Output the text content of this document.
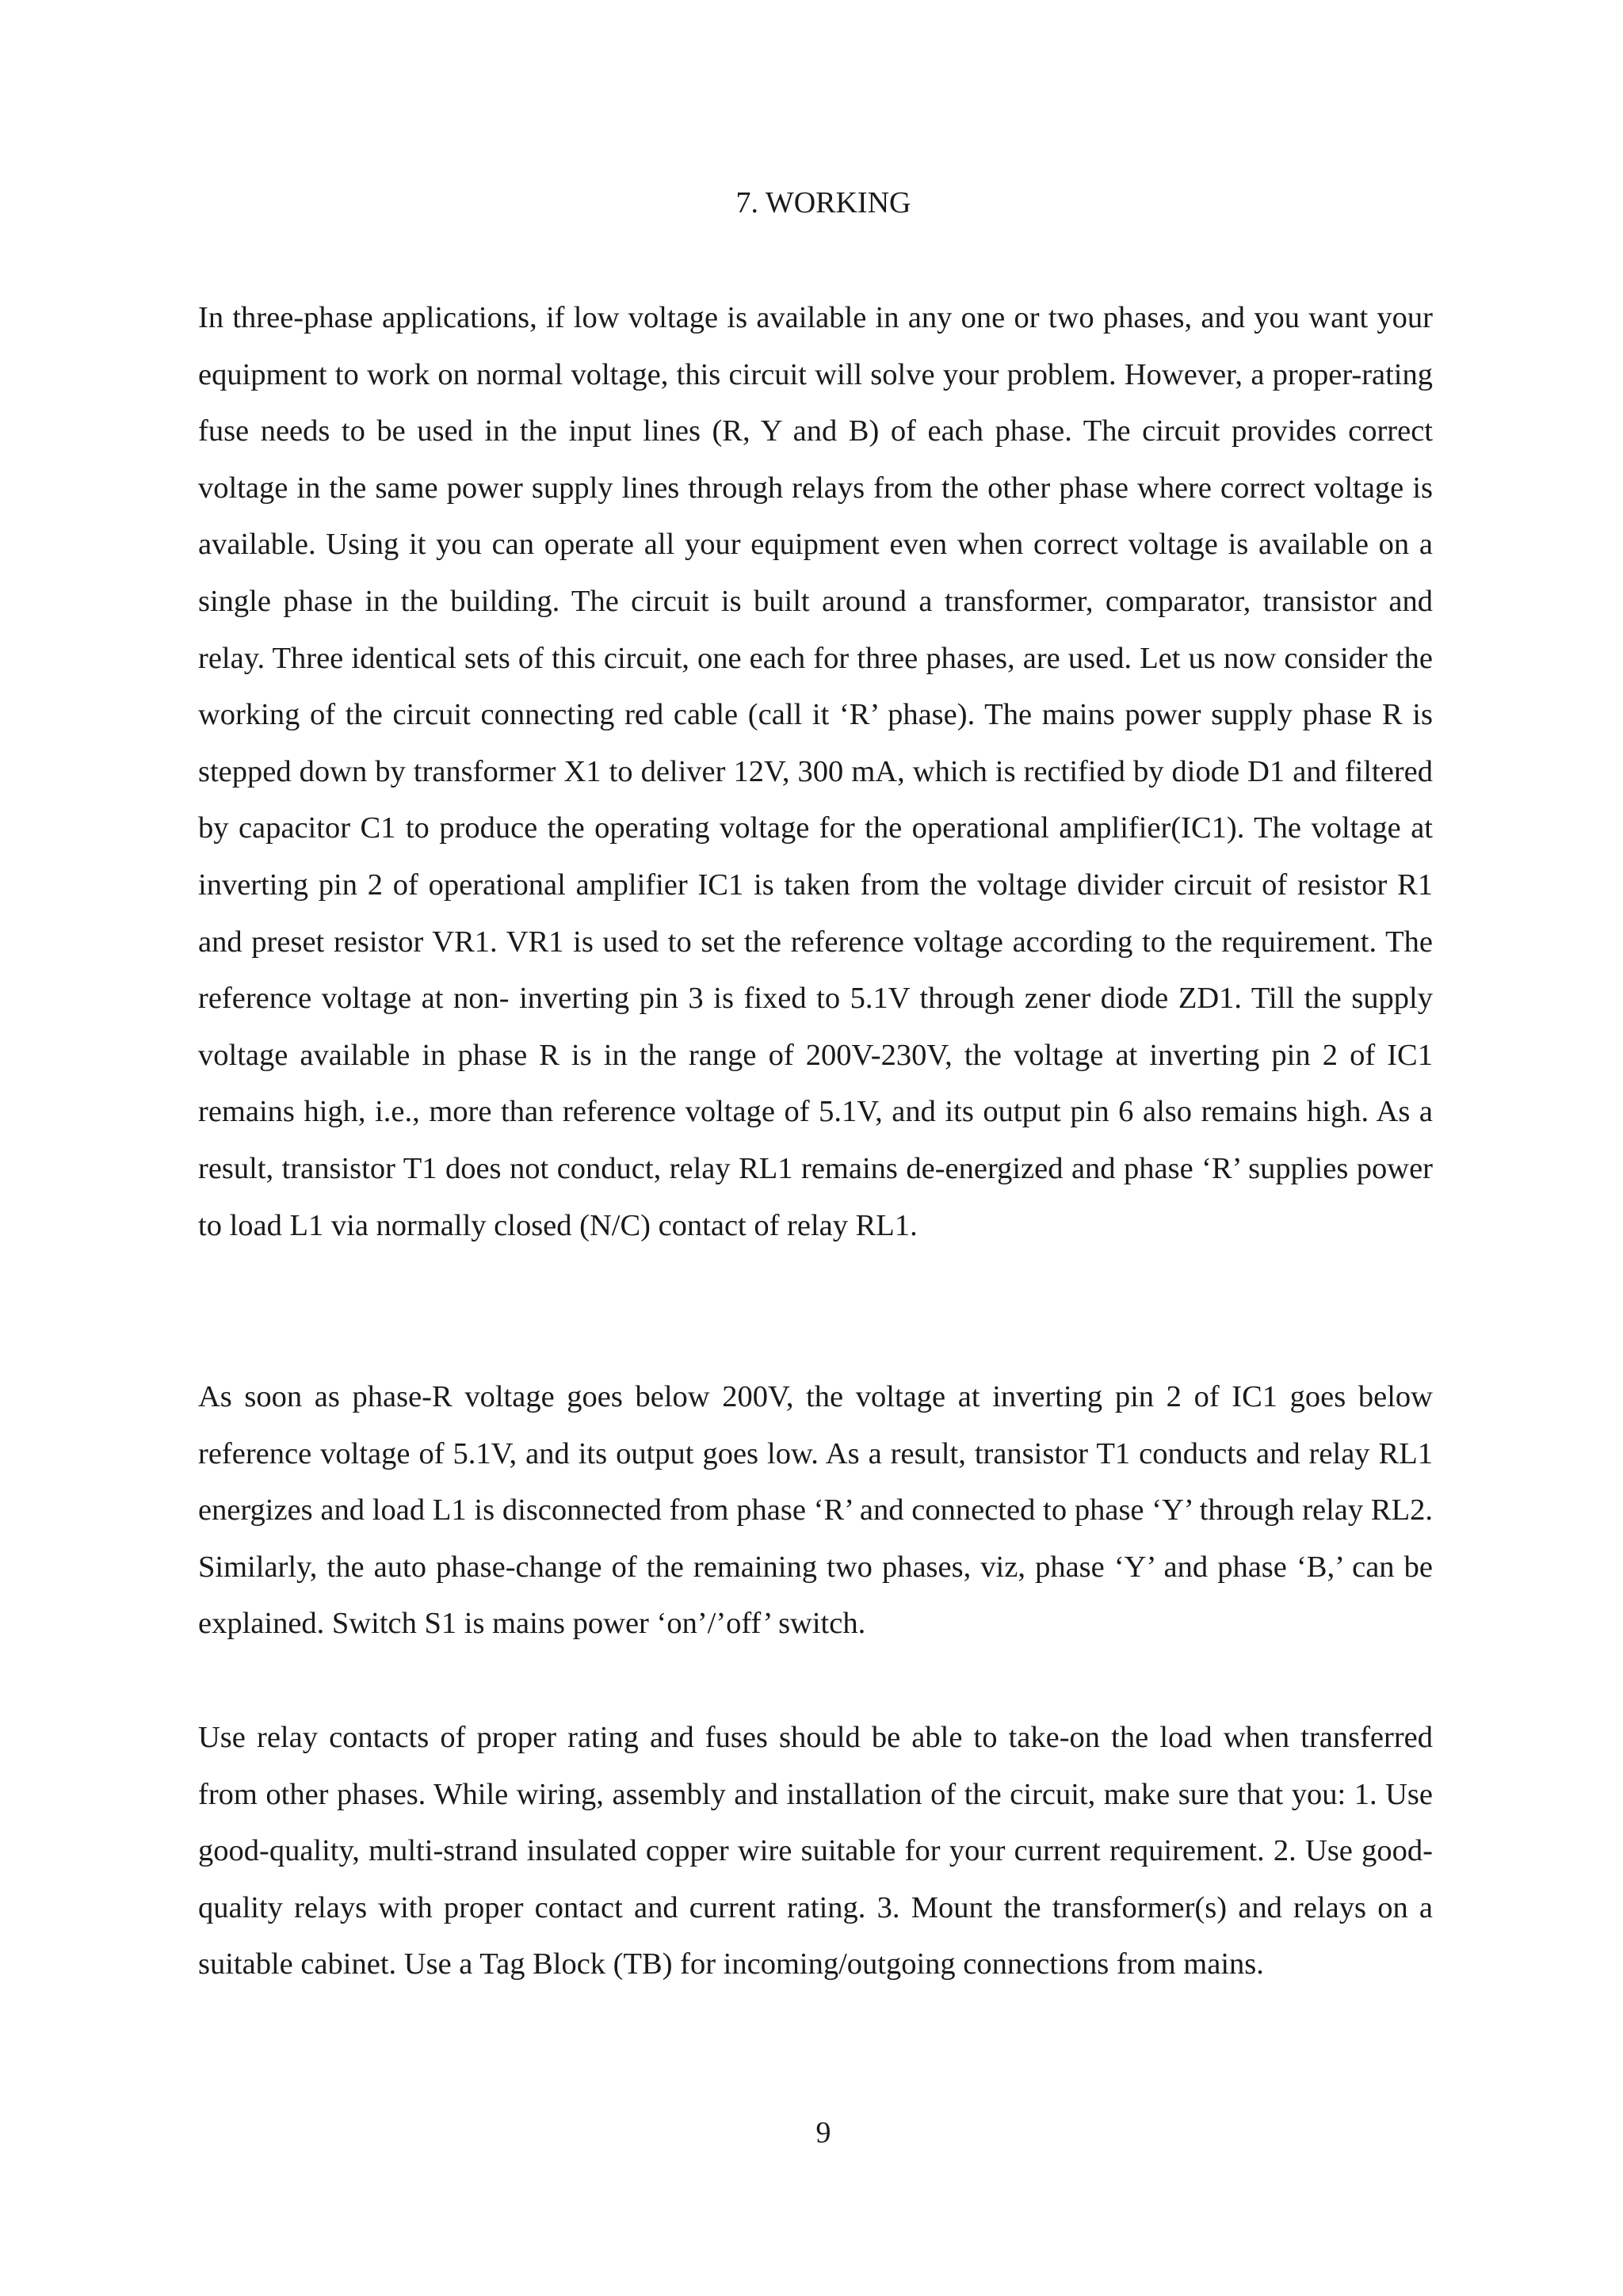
7. WORKING

In three-phase applications, if low voltage is available in any one or two phases, and you want your equipment to work on normal voltage, this circuit will solve your problem. However, a proper-rating fuse needs to be used in the input lines (R, Y and B) of each phase. The circuit provides correct voltage in the same power supply lines through relays from the other phase where correct voltage is available. Using it you can operate all your equipment even when correct voltage is available on a single phase in the building. The circuit is built around a transformer, comparator, transistor and relay. Three identical sets of this circuit, one each for three phases, are used. Let us now consider the working of the circuit connecting red cable (call it ‘R’ phase). The mains power supply phase R is stepped down by transformer X1 to deliver 12V, 300 mA, which is rectified by diode D1 and filtered by capacitor C1 to produce the operating voltage for the operational amplifier(IC1). The voltage at inverting pin 2 of operational amplifier IC1 is taken from the voltage divider circuit of resistor R1 and preset resistor VR1. VR1 is used to set the reference voltage according to the requirement. The reference voltage at non- inverting pin 3 is fixed to 5.1V through zener diode ZD1. Till the supply voltage available in phase R is in the range of 200V-230V, the voltage at inverting pin 2 of IC1 remains high, i.e., more than reference voltage of 5.1V, and its output pin 6 also remains high. As a result, transistor T1 does not conduct, relay RL1 remains de-energized and phase ‘R’ supplies power to load L1 via normally closed (N/C) contact of relay RL1.

As soon as phase-R voltage goes below 200V, the voltage at inverting pin 2 of IC1 goes below reference voltage of 5.1V, and its output goes low. As a result, transistor T1 conducts and relay RL1 energizes and load L1 is disconnected from phase ‘R’ and connected to phase ‘Y’ through relay RL2. Similarly, the auto phase-change of the remaining two phases, viz, phase ‘Y’ and phase ‘B,’ can be explained. Switch S1 is mains power ‘on’/’off’ switch.

Use relay contacts of proper rating and fuses should be able to take-on the load when transferred from other phases. While wiring, assembly and installation of the circuit, make sure that you: 1. Use good-quality, multi-strand insulated copper wire suitable for your current requirement. 2. Use good-quality relays with proper contact and current rating. 3. Mount the transformer(s) and relays on a suitable cabinet. Use a Tag Block (TB) for incoming/outgoing connections from mains.

9
